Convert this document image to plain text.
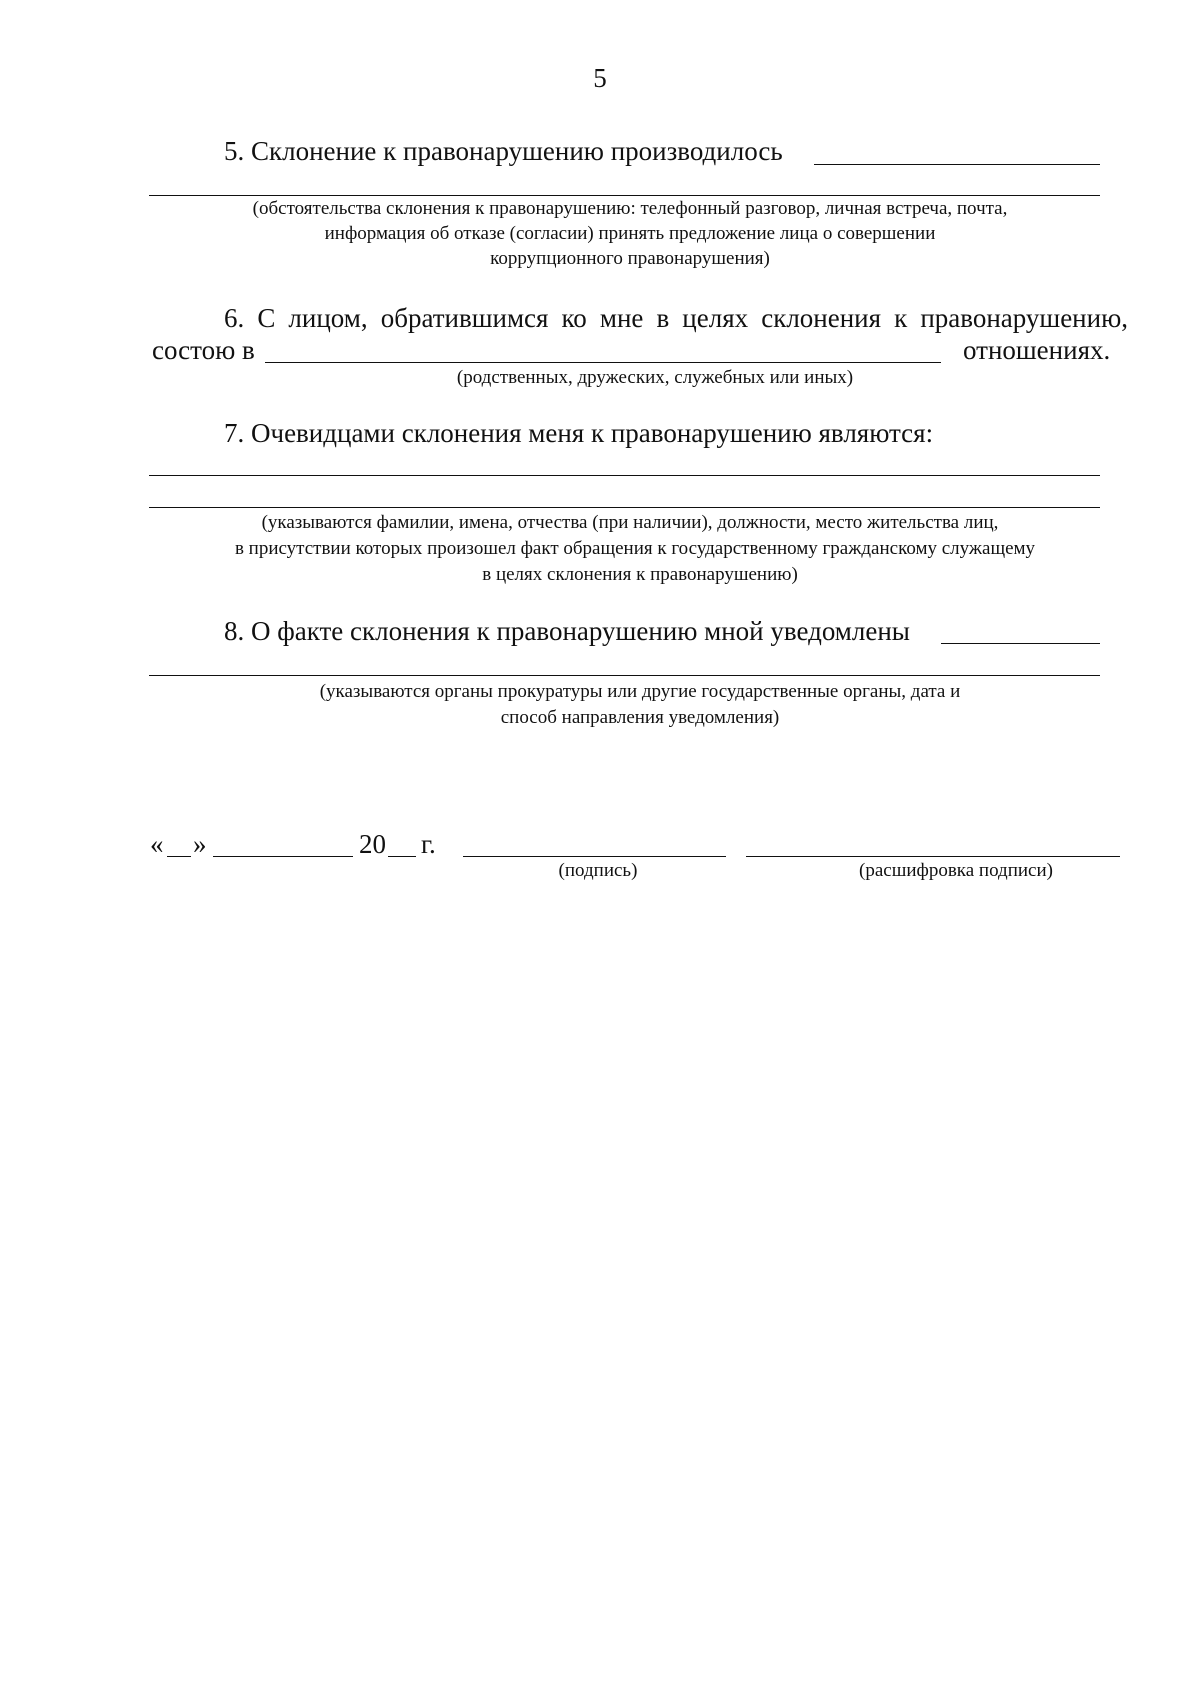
5
5. Склонение к правонарушению производилось
(обстоятельства склонения к правонарушению: телефонный разговор, личная встреча, почта,
информация об отказе (согласии) принять предложение лица о совершении
коррупционного правонарушения)
6. С лицом, обратившимся ко мне в целях склонения к правонарушению,
состою в	отношениях.
(родственных, дружеских, служебных или иных)
7. Очевидцами склонения меня к правонарушению являются:
(указываются фамилии, имена, отчества (при наличии), должности, место жительства лиц,
в присутствии которых произошел факт обращения к государственному гражданскому служащему
в целях склонения к правонарушению)
8. О факте склонения к правонарушению мной уведомлены
(указываются органы прокуратуры или другие государственные органы, дата и
способ направления уведомления)
« »	20 г.
(подпись)	(расшифровка подписи)
